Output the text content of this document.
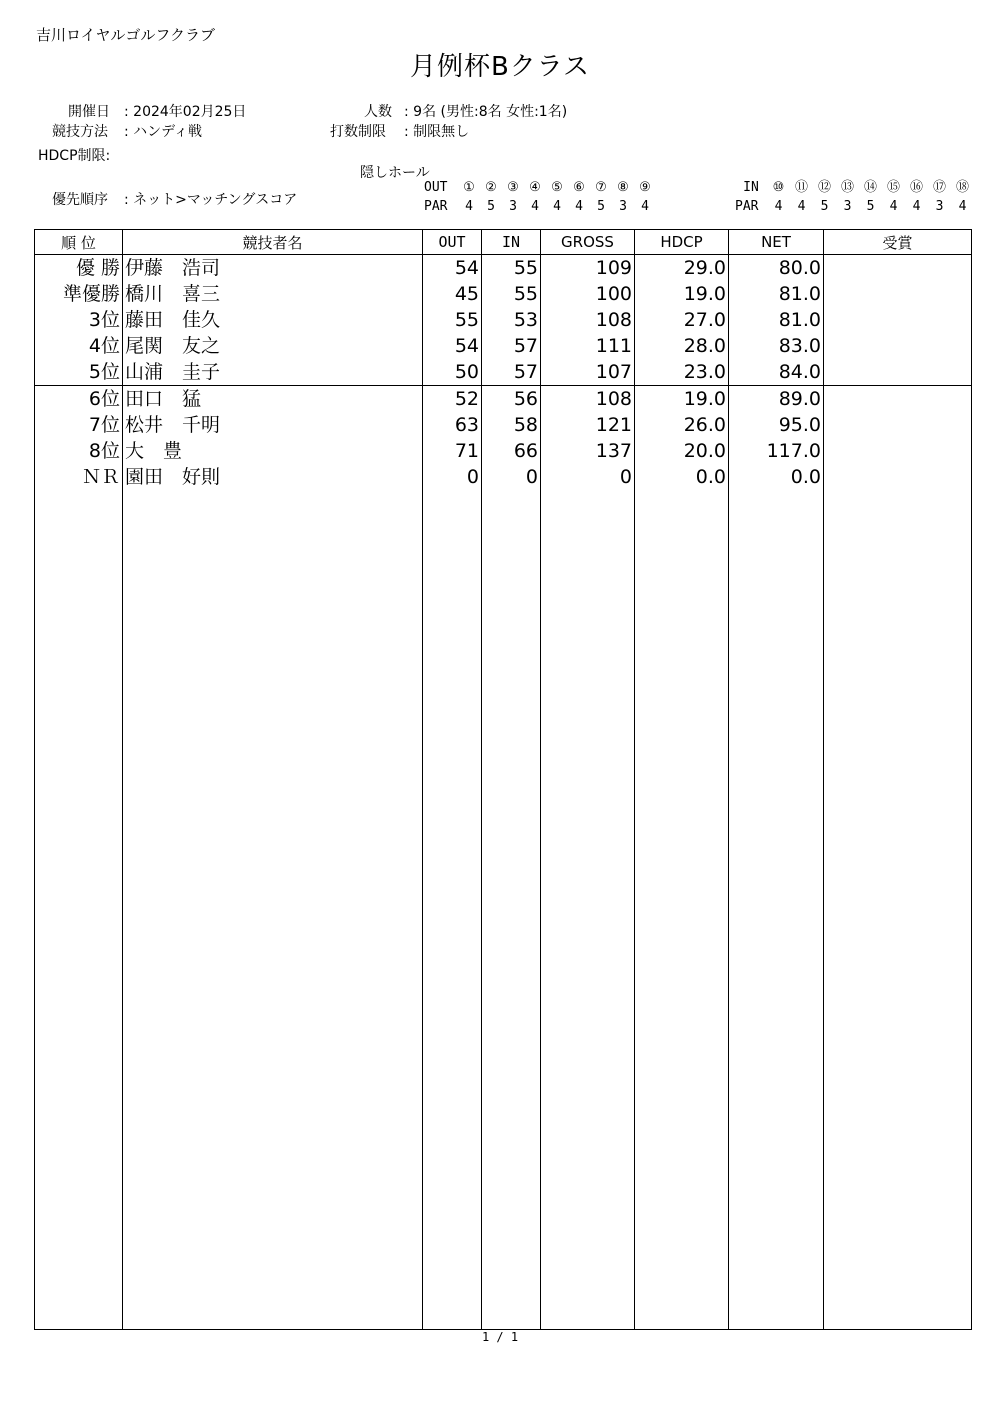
吉川ロイヤルゴルフクラブ
月例杯Bクラス
開催日 : 2024年02月25日
競技方法 : ハンディ戦
HDCP制限:
優先順序 : ネット>マッチングスコア
人数 : 9名 (男性:8名 女性:1名)
打数制限 : 制限無し
隠しホール
OUT ① ② ③ ④ ⑤ ⑥ ⑦ ⑧ ⑨
PAR 4 5 3 4 4 4 5 3 4
IN ⑩ ⑪ ⑫ ⑬ ⑭ ⑮ ⑯ ⑰ ⑱
PAR 4 4 5 3 5 4 4 3 4
順 位	競技者名	OUT	IN	GROSS	HDCP	NET	受賞
優 勝	伊藤　浩司	54	55	109	29.0	80.0	
準優勝	橋川　喜三	45	55	100	19.0	81.0	
3位	藤田　佳久	55	53	108	27.0	81.0	
4位	尾関　友之	54	57	111	28.0	83.0	
5位	山浦　圭子	50	57	107	23.0	84.0	
6位	田口　猛	52	56	108	19.0	89.0	
7位	松井　千明	63	58	121	26.0	95.0	
8位	大　豊	71	66	137	20.0	117.0	
ＮＲ	園田　好則	0	0	0	0.0	0.0	

1 / 1
